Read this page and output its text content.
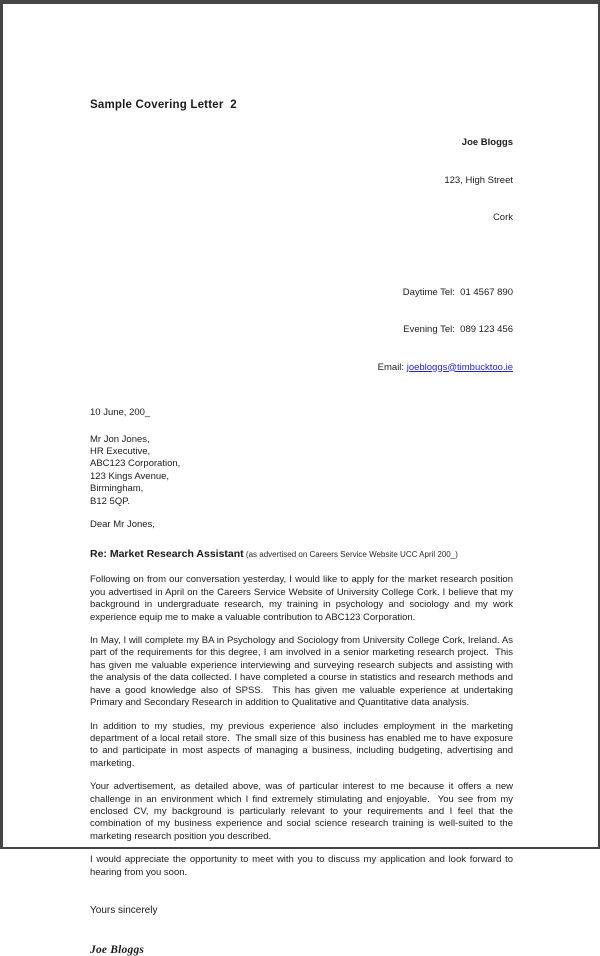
Sample Covering Letter  2

Joe Bloggs

123, High Street

Cork

Daytime Tel:  01 4567 890

Evening Tel:  089 123 456

Email: joebloggs@timbucktoo.ie

10 June, 200_
Mr Jon Jones,
HR Executive,
ABC123 Corporation,
123 Kings Avenue,
Birmingham,
B12 5QP.
Dear Mr Jones,
Re: Market Research Assistant (as advertised on Careers Service Website UCC April 200_)

Following on from our conversation yesterday, I would like to apply for the market research position you advertised in April on the Careers Service Website of University College Cork. I believe that my background in undergraduate research, my training in psychology and sociology and my work experience equip me to make a valuable contribution to ABC123 Corporation.

In May, I will complete my BA in Psychology and Sociology from University College Cork, Ireland. As part of the requirements for this degree, I am involved in a senior marketing research project.  This has given me valuable experience interviewing and surveying research subjects and assisting with the analysis of the data collected. I have completed a course in statistics and research methods and have a good knowledge also of SPSS.  This has given me valuable experience at undertaking Primary and Secondary Research in addition to Qualitative and Quantitative data analysis.

In addition to my studies, my previous experience also includes employment in the marketing department of a local retail store.  The small size of this business has enabled me to have exposure to and participate in most aspects of managing a business, including budgeting, advertising and marketing.

Your advertisement, as detailed above, was of particular interest to me because it offers a new challenge in an environment which I find extremely stimulating and enjoyable.  You see from my enclosed CV, my background is particularly relevant to your requirements and I feel that the combination of my business experience and social science research training is well-suited to the marketing research position you described.

I would appreciate the opportunity to meet with you to discuss my application and look forward to hearing from you soon.

Yours sincerely
Joe Bloggs
